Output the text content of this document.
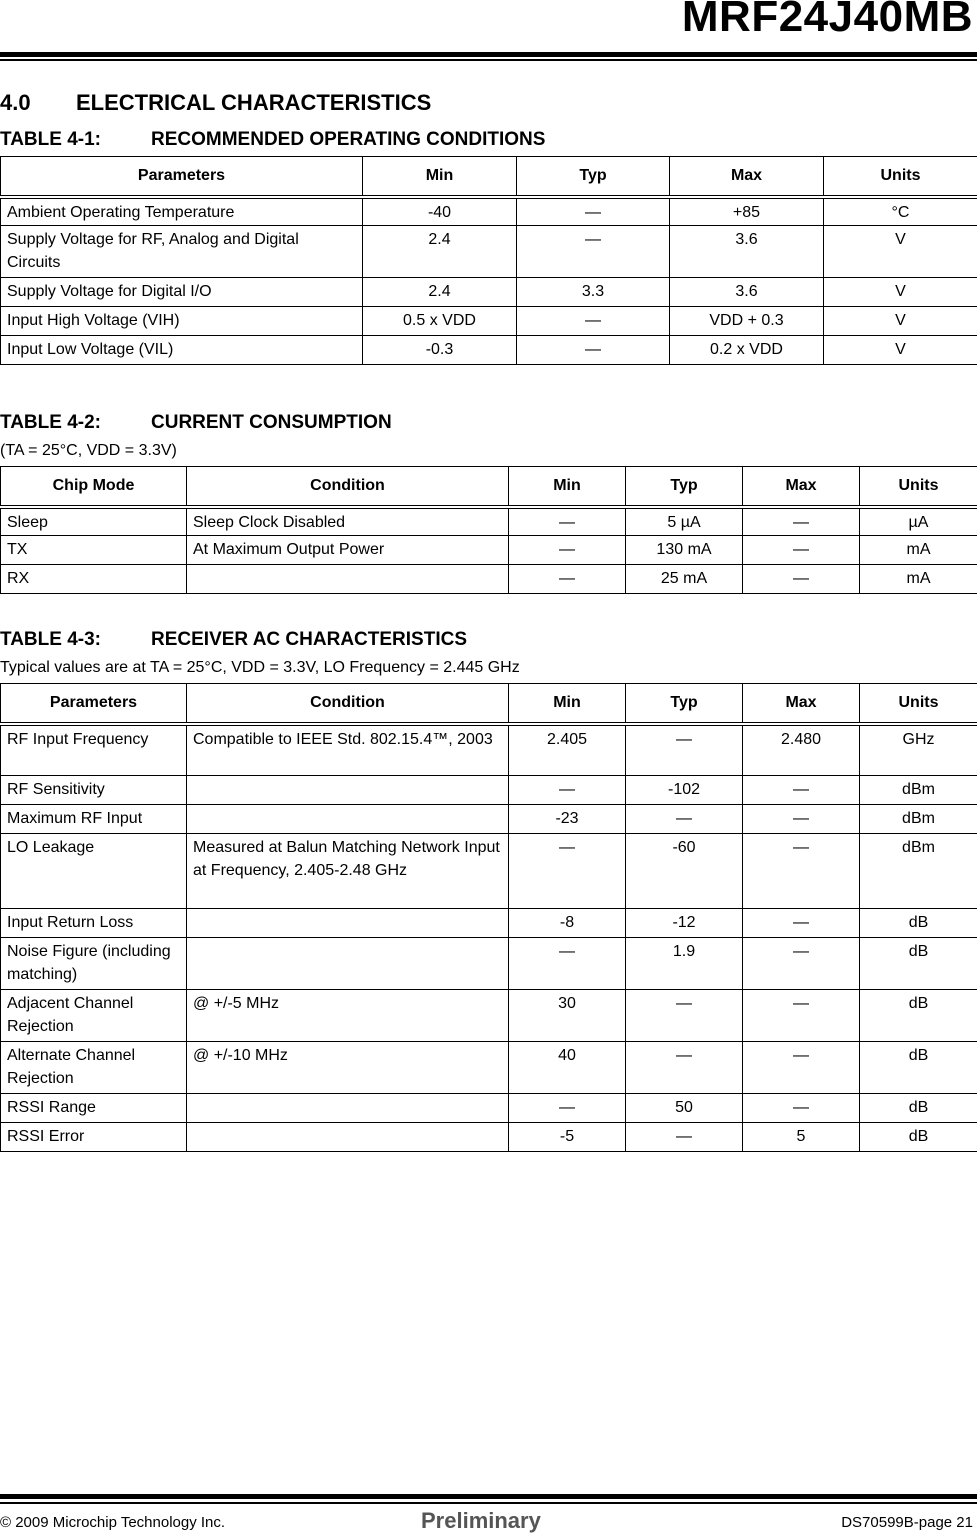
MRF24J40MB
4.0 ELECTRICAL CHARACTERISTICS
TABLE 4-1:	RECOMMENDED OPERATING CONDITIONS
Parameters	Min	Typ	Max	Units
Ambient Operating Temperature	-40	—	+85	°C
Supply Voltage for RF, Analog and Digital Circuits	2.4	—	3.6	V
Supply Voltage for Digital I/O	2.4	3.3	3.6	V
Input High Voltage (VIH)	0.5 x VDD	—	VDD + 0.3	V
Input Low Voltage (VIL)	-0.3	—	0.2 x VDD	V
TABLE 4-2:	CURRENT CONSUMPTION
(TA = 25°C, VDD = 3.3V)
Chip Mode	Condition	Min	Typ	Max	Units
Sleep	Sleep Clock Disabled	—	5 µA	—	µA
TX	At Maximum Output Power	—	130 mA	—	mA
RX		—	25 mA	—	mA
TABLE 4-3:	RECEIVER AC CHARACTERISTICS
Typical values are at TA = 25°C, VDD = 3.3V, LO Frequency = 2.445 GHz
Parameters	Condition	Min	Typ	Max	Units
RF Input Frequency	Compatible to IEEE Std. 802.15.4™, 2003	2.405	—	2.480	GHz
RF Sensitivity		—	-102	—	dBm
Maximum RF Input		-23	—	—	dBm
LO Leakage	Measured at Balun Matching Network Input at Frequency, 2.405-2.48 GHz	—	-60	—	dBm
Input Return Loss		-8	-12	—	dB
Noise Figure (including matching)		—	1.9	—	dB
Adjacent Channel Rejection	@ +/-5 MHz	30	—	—	dB
Alternate Channel Rejection	@ +/-10 MHz	40	—	—	dB
RSSI Range		—	50	—	dB
RSSI Error		-5	—	5	dB
© 2009 Microchip Technology Inc.	Preliminary	DS70599B-page 21
